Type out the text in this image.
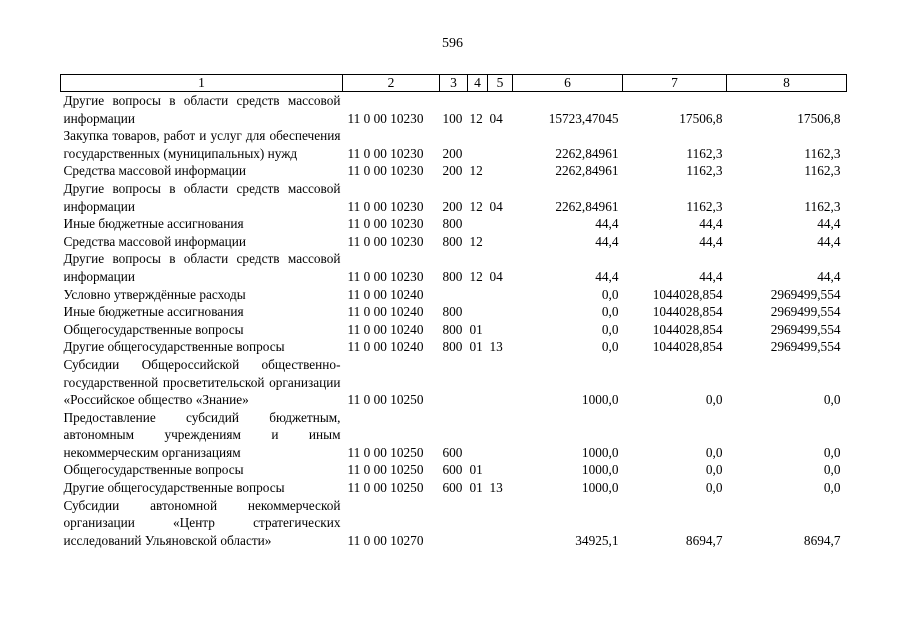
596
1	2	3	4	5	6	7	8
Другие вопросы в области средств массовой информации	11 0 00 10230	100	12	04	15723,47045	17506,8	17506,8
Закупка товаров, работ и услуг для обеспечения государственных (муниципальных) нужд	11 0 00 10230	200			2262,84961	1162,3	1162,3
Средства массовой информации	11 0 00 10230	200	12		2262,84961	1162,3	1162,3
Другие вопросы в области средств массовой информации	11 0 00 10230	200	12	04	2262,84961	1162,3	1162,3
Иные бюджетные ассигнования	11 0 00 10230	800			44,4	44,4	44,4
Средства массовой информации	11 0 00 10230	800	12		44,4	44,4	44,4
Другие вопросы в области средств массовой информации	11 0 00 10230	800	12	04	44,4	44,4	44,4
Условно утверждённые расходы	11 0 00 10240				0,0	1044028,854	2969499,554
Иные бюджетные ассигнования	11 0 00 10240	800			0,0	1044028,854	2969499,554
Общегосударственные вопросы	11 0 00 10240	800	01		0,0	1044028,854	2969499,554
Другие общегосударственные вопросы	11 0 00 10240	800	01	13	0,0	1044028,854	2969499,554
Субсидии Общероссийской общественно-государственной просветительской организации «Российское общество «Знание»	11 0 00 10250				1000,0	0,0	0,0
Предоставление субсидий бюджетным, автономным учреждениям и иным некоммерческим организациям	11 0 00 10250	600			1000,0	0,0	0,0
Общегосударственные вопросы	11 0 00 10250	600	01		1000,0	0,0	0,0
Другие общегосударственные вопросы	11 0 00 10250	600	01	13	1000,0	0,0	0,0
Субсидии автономной некоммерческой организации «Центр стратегических исследований Ульяновской области»	11 0 00 10270				34925,1	8694,7	8694,7
